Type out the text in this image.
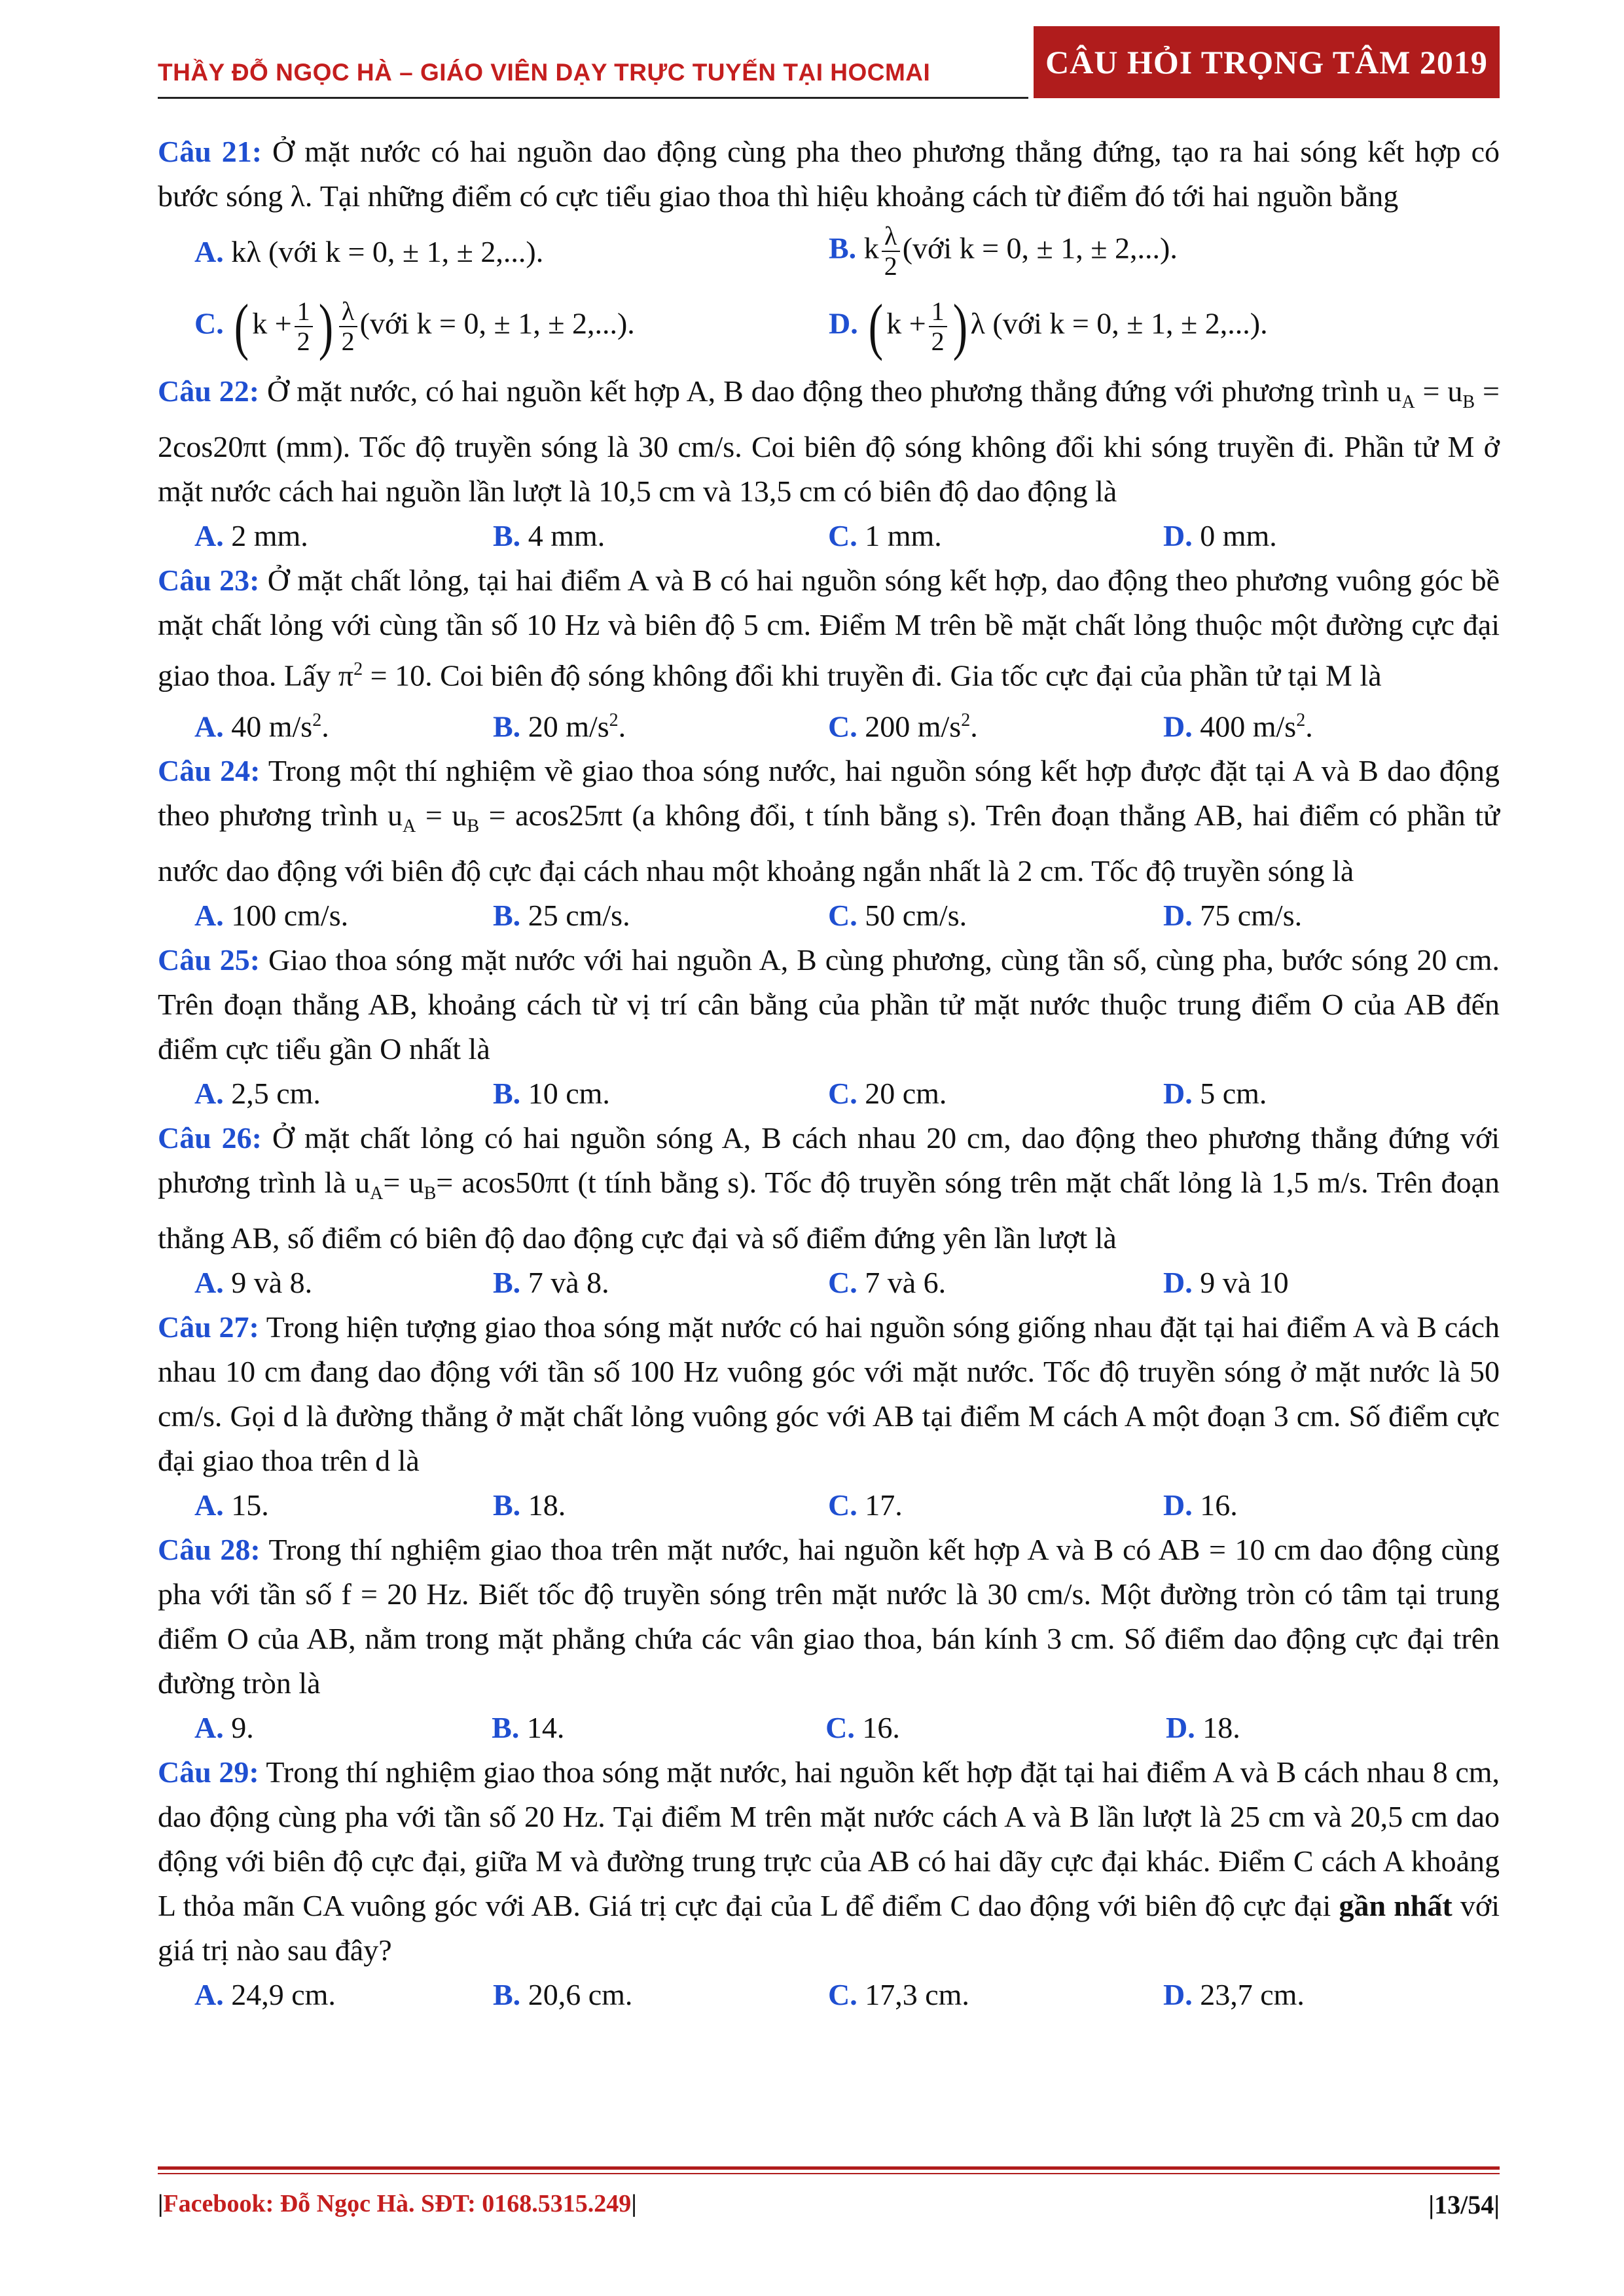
THẦY ĐỖ NGỌC HÀ – GIÁO VIÊN DẠY TRỰC TUYẾN TẠI HOCMAI	CÂU HỎI TRỌNG TÂM 2019

Câu 21: Ở mặt nước có hai nguồn dao động cùng pha theo phương thẳng đứng, tạo ra hai sóng kết hợp có bước sóng λ. Tại những điểm có cực tiểu giao thoa thì hiệu khoảng cách từ điểm đó tới hai nguồn bằng

A. kλ (với k = 0, ± 1, ± 2,...).	B. k $\frac{\lambda}{2}$ (với k = 0, ± 1, ± 2,...).
C. ( $k + \frac{1}{2}$ ) $\frac{\lambda}{2}$ (với k = 0, ± 1, ± 2,...).	D. ( $k + \frac{1}{2}$ ) λ (với k = 0, ± 1, ± 2,...).

Câu 22: Ở mặt nước, có hai nguồn kết hợp A, B dao động theo phương thẳng đứng với phương trình $u_A = u_B = 2\cos 20\pi t$ (mm). Tốc độ truyền sóng là 30 cm/s. Coi biên độ sóng không đổi khi sóng truyền đi. Phần tử M ở mặt nước cách hai nguồn lần lượt là 10,5 cm và 13,5 cm có biên độ dao động là

A. 2 mm.	B. 4 mm.	C. 1 mm.	D. 0 mm.

Câu 23: Ở mặt chất lỏng, tại hai điểm A và B có hai nguồn sóng kết hợp, dao động theo phương vuông góc bề mặt chất lỏng với cùng tần số 10 Hz và biên độ 5 cm. Điểm M trên bề mặt chất lỏng thuộc một đường cực đại giao thoa. Lấy $\pi^2 = 10$. Coi biên độ sóng không đổi khi truyền đi. Gia tốc cực đại của phần tử tại M là

A. 40 $m/s^2$.	B. 20 $m/s^2$.	C. 200 $m/s^2$.	D. 400 $m/s^2$.

Câu 24: Trong một thí nghiệm về giao thoa sóng nước, hai nguồn sóng kết hợp được đặt tại A và B dao động theo phương trình $u_A = u_B = acos25\pi t$ (a không đổi, t tính bằng s). Trên đoạn thẳng AB, hai điểm có phần tử nước dao động với biên độ cực đại cách nhau một khoảng ngắn nhất là 2 cm. Tốc độ truyền sóng là

A. 100 cm/s.	B. 25 cm/s.	C. 50 cm/s.	D. 75 cm/s.

Câu 25: Giao thoa sóng mặt nước với hai nguồn A, B cùng phương, cùng tần số, cùng pha, bước sóng 20 cm. Trên đoạn thẳng AB, khoảng cách từ vị trí cân bằng của phần tử mặt nước thuộc trung điểm O của AB đến điểm cực tiểu gần O nhất là

A. 2,5 cm.	B. 10 cm.	C. 20 cm.	D. 5 cm.

Câu 26: Ở mặt chất lỏng có hai nguồn sóng A, B cách nhau 20 cm, dao động theo phương thẳng đứng với phương trình là $u_A= u_B= acos50\pi t$ (t tính bằng s). Tốc độ truyền sóng trên mặt chất lỏng là 1,5 m/s. Trên đoạn thẳng AB, số điểm có biên độ dao động cực đại và số điểm đứng yên lần lượt là

A. 9 và 8.	B. 7 và 8.	C. 7 và 6.	D. 9 và 10

Câu 27: Trong hiện tượng giao thoa sóng mặt nước có hai nguồn sóng giống nhau đặt tại hai điểm A và B cách nhau 10 cm đang dao động với tần số 100 Hz vuông góc với mặt nước. Tốc độ truyền sóng ở mặt nước là 50 cm/s. Gọi d là đường thẳng ở mặt chất lỏng vuông góc với AB tại điểm M cách A một đoạn 3 cm. Số điểm cực đại giao thoa trên d là

A. 15.	B. 18.	C. 17.	D. 16.

Câu 28: Trong thí nghiệm giao thoa trên mặt nước, hai nguồn kết hợp A và B có AB = 10 cm dao động cùng pha với tần số f = 20 Hz. Biết tốc độ truyền sóng trên mặt nước là 30 cm/s. Một đường tròn có tâm tại trung điểm O của AB, nằm trong mặt phẳng chứa các vân giao thoa, bán kính 3 cm. Số điểm dao động cực đại trên đường tròn là

A. 9.	B. 14.	C. 16.	D. 18.

Câu 29: Trong thí nghiệm giao thoa sóng mặt nước, hai nguồn kết hợp đặt tại hai điểm A và B cách nhau 8 cm, dao động cùng pha với tần số 20 Hz. Tại điểm M trên mặt nước cách A và B lần lượt là 25 cm và 20,5 cm dao động với biên độ cực đại, giữa M và đường trung trực của AB có hai dãy cực đại khác. Điểm C cách A khoảng L thỏa mãn CA vuông góc với AB. Giá trị cực đại của L để điểm C dao động với biên độ cực đại gần nhất với giá trị nào sau đây?

A. 24,9 cm.	B. 20,6 cm.	C. 17,3 cm.	D. 23,7 cm.
|Facebook: Đỗ Ngọc Hà. SĐT: 0168.5315.249|	|13/54|
